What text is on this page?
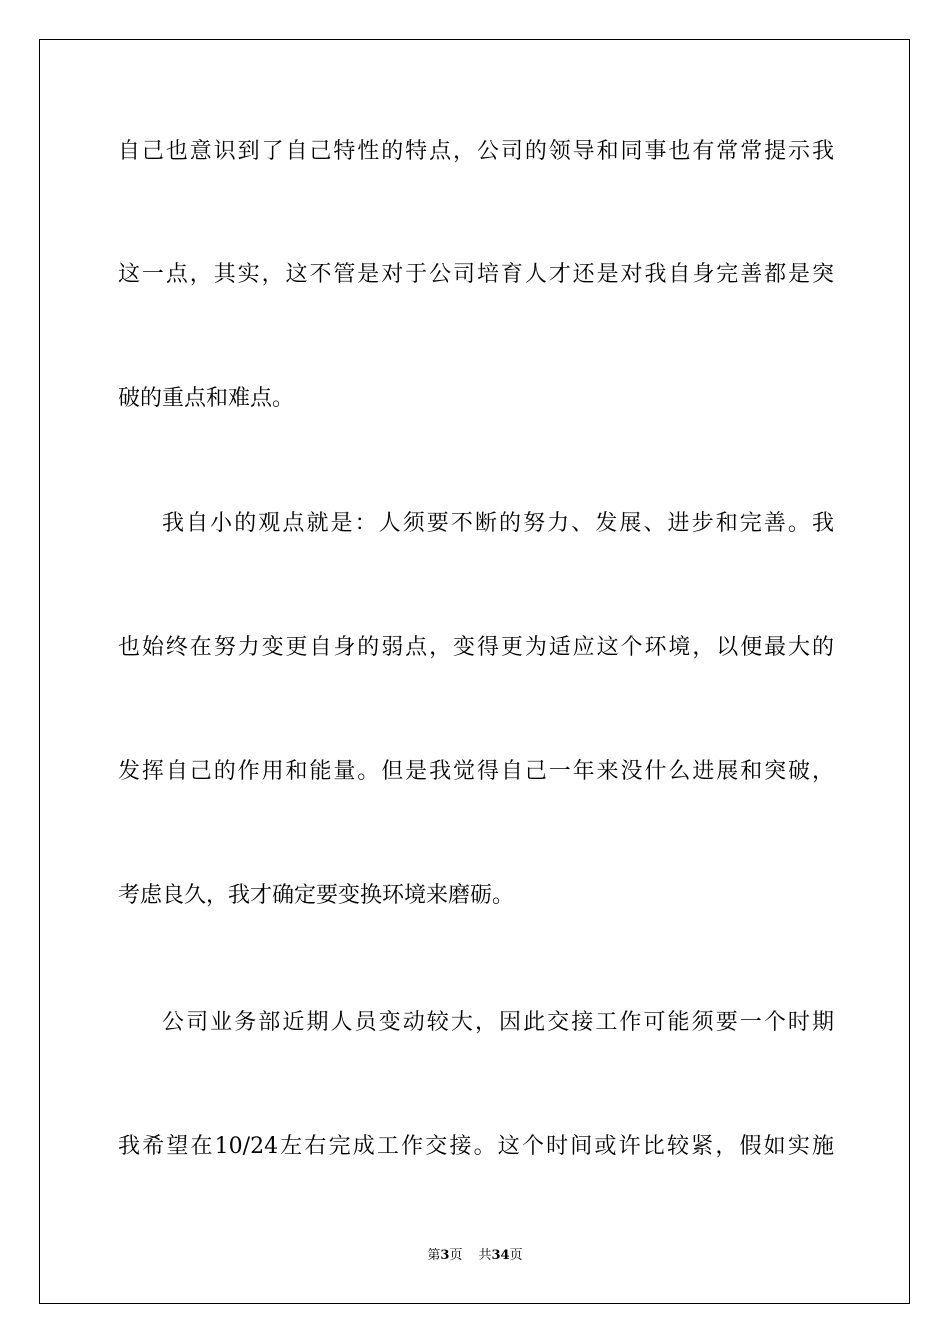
自己也意识到了自己特性的特点，公司的领导和同事也有常常提示我
这一点，其实，这不管是对于公司培育人才还是对我自身完善都是突
破的重点和难点。
我自小的观点就是：人须要不断的努力、发展、进步和完善。我
也始终在努力变更自身的弱点，变得更为适应这个环境，以便最大的
发挥自己的作用和能量。但是我觉得自己一年来没什么进展和突破，
考虑良久，我才确定要变换环境来磨砺。
公司业务部近期人员变动较大，因此交接工作可能须要一个时期
我希望在10/24左右完成工作交接。这个时间或许比较紧，假如实施
第3页 共34页
